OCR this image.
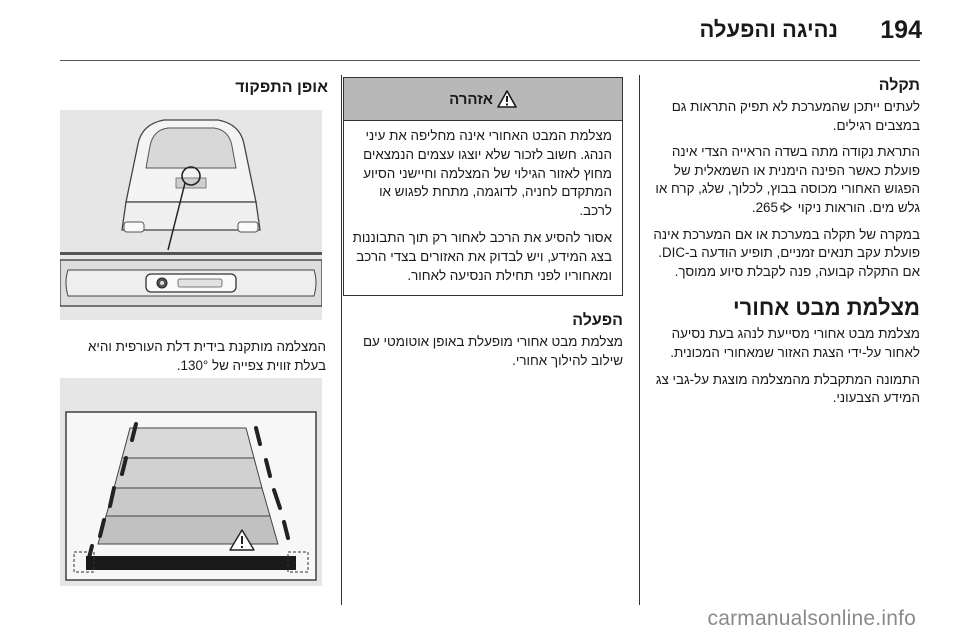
194
נהיגה והפעלה

תקלה

לעתים ייתכן שהמערכת לא תפיק התראות גם במצבים רגילים.

התראת נקודה מתה בשדה הראייה הצדי אינה פועלת כאשר הפינה הימנית או השמאלית של הפגוש האחורי מכוסה בבוץ, לכלוך, שלג, קרח או גלש מים. הוראות ניקוי 265.

במקרה של תקלה במערכת או אם המערכת אינה פועלת עקב תנאים זמניים, תופיע הודעה ב-DIC. אם התקלה קבועה, פנה לקבלת סיוע ממוסך.

מצלמת מבט אחורי

מצלמת מבט אחורי מסייעת לנהג בעת נסיעה לאחור על-ידי הצגת האזור שמאחורי המכונית.

התמונה המתקבלת מהמצלמה מוצגת על-גבי צג המידע הצבעוני.

אזהרה

מצלמת המבט האחורי אינה מחליפה את עיני הנהג. חשוב לזכור שלא יוצגו עצמים הנמצאים מחוץ לאזור הגילוי של המצלמה וחיישני הסיוע המתקדם לחניה, לדוגמה, מתחת לפגוש או לרכב.

אסור להסיע את הרכב לאחור רק תוך התבוננות בצג המידע, ויש לבדוק את האזורים בצדי הרכב ומאחוריו לפני תחילת הנסיעה לאחור.

הפעלה

מצלמת מבט אחורי מופעלת באופן אוטומטי עם שילוב להילוך אחורי.

אופן התפקוד

המצלמה מותקנת בידית דלת העורפית והיא בעלת זווית צפייה של 130°.

carmanualsonline.info
